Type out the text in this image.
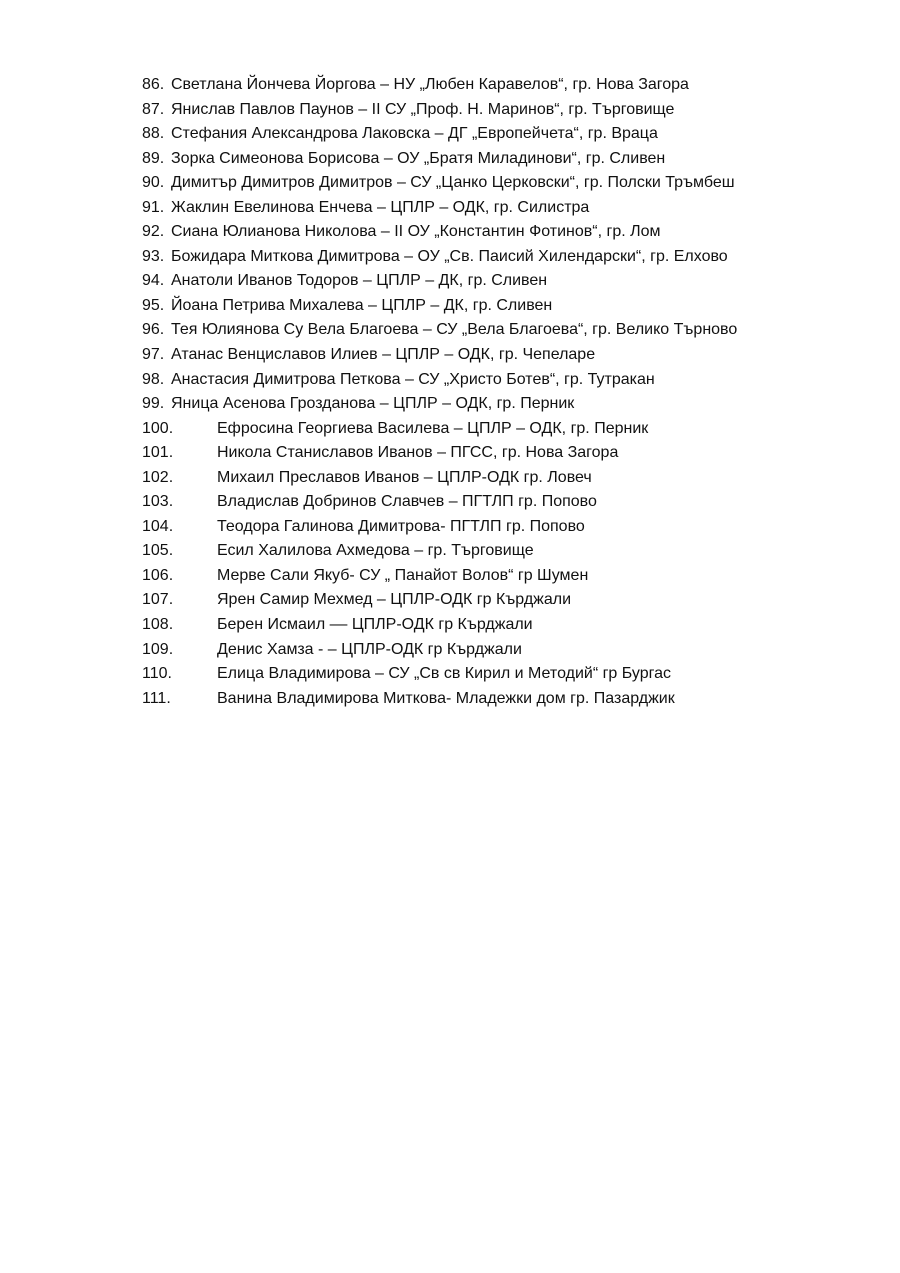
86. Светлана Йончева Йоргова – НУ „Любен Каравелов“, гр. Нова Загора
87. Янислав Павлов Паунов – II СУ „Проф. Н. Маринов“, гр. Търговище
88. Стефания Александрова Лаковска – ДГ „Европейчета“, гр. Враца
89. Зорка Симеонова Борисова – ОУ „Братя Миладинови“, гр. Сливен
90. Димитър Димитров Димитров – СУ „Цанко Церковски“, гр. Полски Тръмбеш
91. Жаклин Евелинова Енчева – ЦПЛР – ОДК, гр. Силистра
92. Сиана Юлианова Николова – II ОУ „Константин Фотинов“, гр. Лом
93. Божидара Миткова Димитрова – ОУ „Св. Паисий Хилендарски“, гр. Елхово
94. Анатоли Иванов Тодоров – ЦПЛР – ДК, гр. Сливен
95. Йоана Петрива Михалева – ЦПЛР – ДК, гр. Сливен
96. Тея Юлиянова Су Вела Благоева – СУ „Вела Благоева“, гр. Велико Търново
97. Атанас Венциславов Илиев – ЦПЛР – ОДК, гр. Чепеларе
98. Анастасия Димитрова Петкова – СУ „Христо Ботев“, гр. Тутракан
99. Яница Асенова Грозданова – ЦПЛР – ОДК, гр. Перник
100.	Ефросина Георгиева Василева – ЦПЛР – ОДК, гр. Перник
101.	Никола Станиславов Иванов – ПГСС, гр. Нова Загора
102.	Михаил Преславов Иванов – ЦПЛР-ОДК гр. Ловеч
103.	Владислав Добринов Славчев – ПГТЛП гр. Попово
104.	Теодора Галинова Димитрова- ПГТЛП гр. Попово
105.	Есил Халилова Ахмедова – гр. Търговище
106.	Мерве Сали Якуб- СУ „ Панайот Волов“ гр Шумен
107.	Ярен Самир Мехмед – ЦПЛР-ОДК гр Кърджали
108.	Берен Исмаил –– ЦПЛР-ОДК гр Кърджали
109.	Денис Хамза - – ЦПЛР-ОДК гр Кърджали
110.	Елица Владимирова – СУ „Св св Кирил и Методий“ гр Бургас
111.	Ванина Владимирова Миткова- Младежки дом гр. Пазарджик
